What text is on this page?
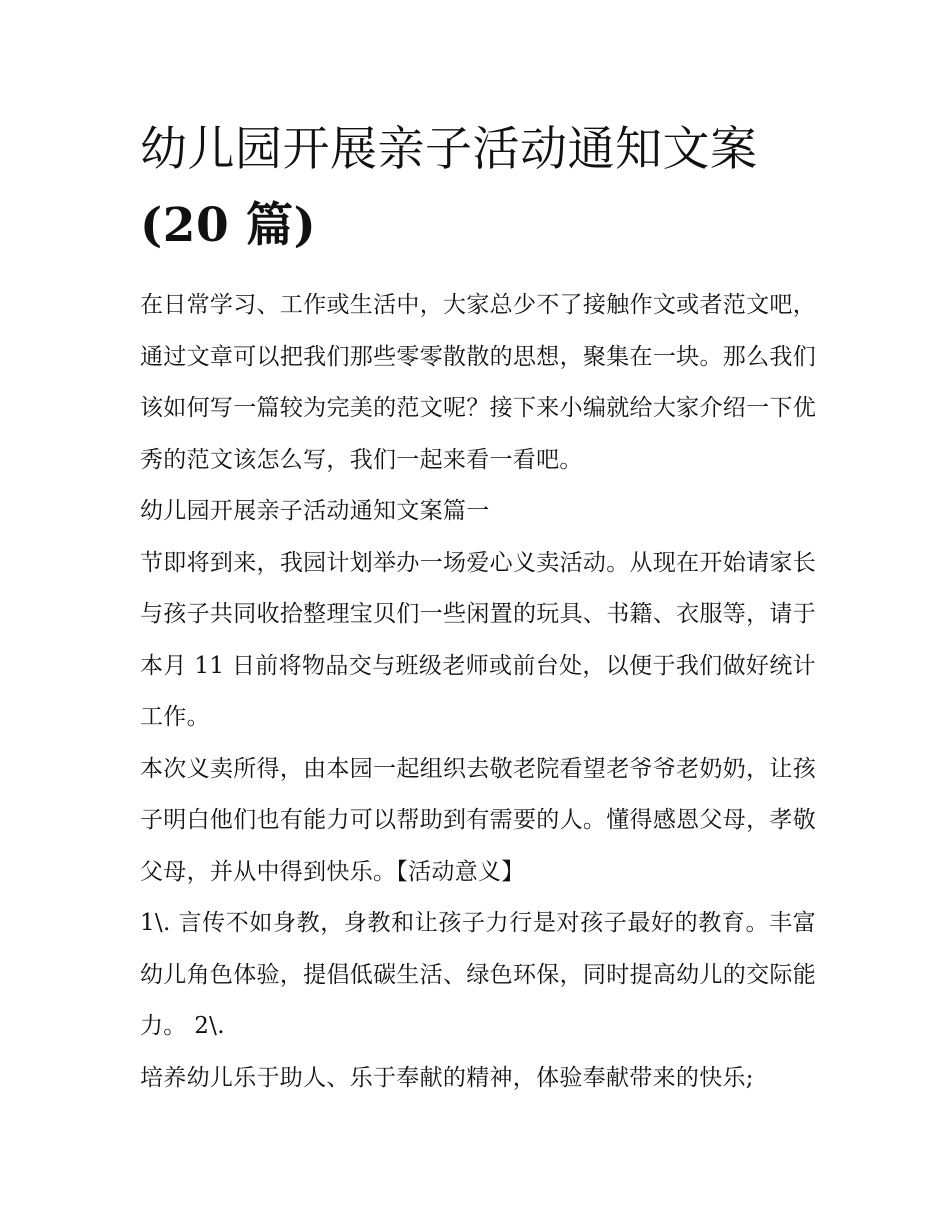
幼儿园开展亲子活动通知文案
(20 篇)

在日常学习、工作或生活中，大家总少不了接触作文或者范文吧，通过文章可以把我们那些零零散散的思想，聚集在一块。那么我们该如何写一篇较为完美的范文呢？接下来小编就给大家介绍一下优秀的范文该怎么写，我们一起来看一看吧。

幼儿园开展亲子活动通知文案篇一

节即将到来，我园计划举办一场爱心义卖活动。从现在开始请家长与孩子共同收拾整理宝贝们一些闲置的玩具、书籍、衣服等，请于本月 11 日前将物品交与班级老师或前台处，以便于我们做好统计工作。

本次义卖所得，由本园一起组织去敬老院看望老爷爷老奶奶，让孩子明白他们也有能力可以帮助到有需要的人。懂得感恩父母，孝敬父母，并从中得到快乐。【活动意义】

1\. 言传不如身教，身教和让孩子力行是对孩子最好的教育。丰富幼儿角色体验，提倡低碳生活、绿色环保，同时提高幼儿的交际能力。 2\.

培养幼儿乐于助人、乐于奉献的精神，体验奉献带来的快乐;
